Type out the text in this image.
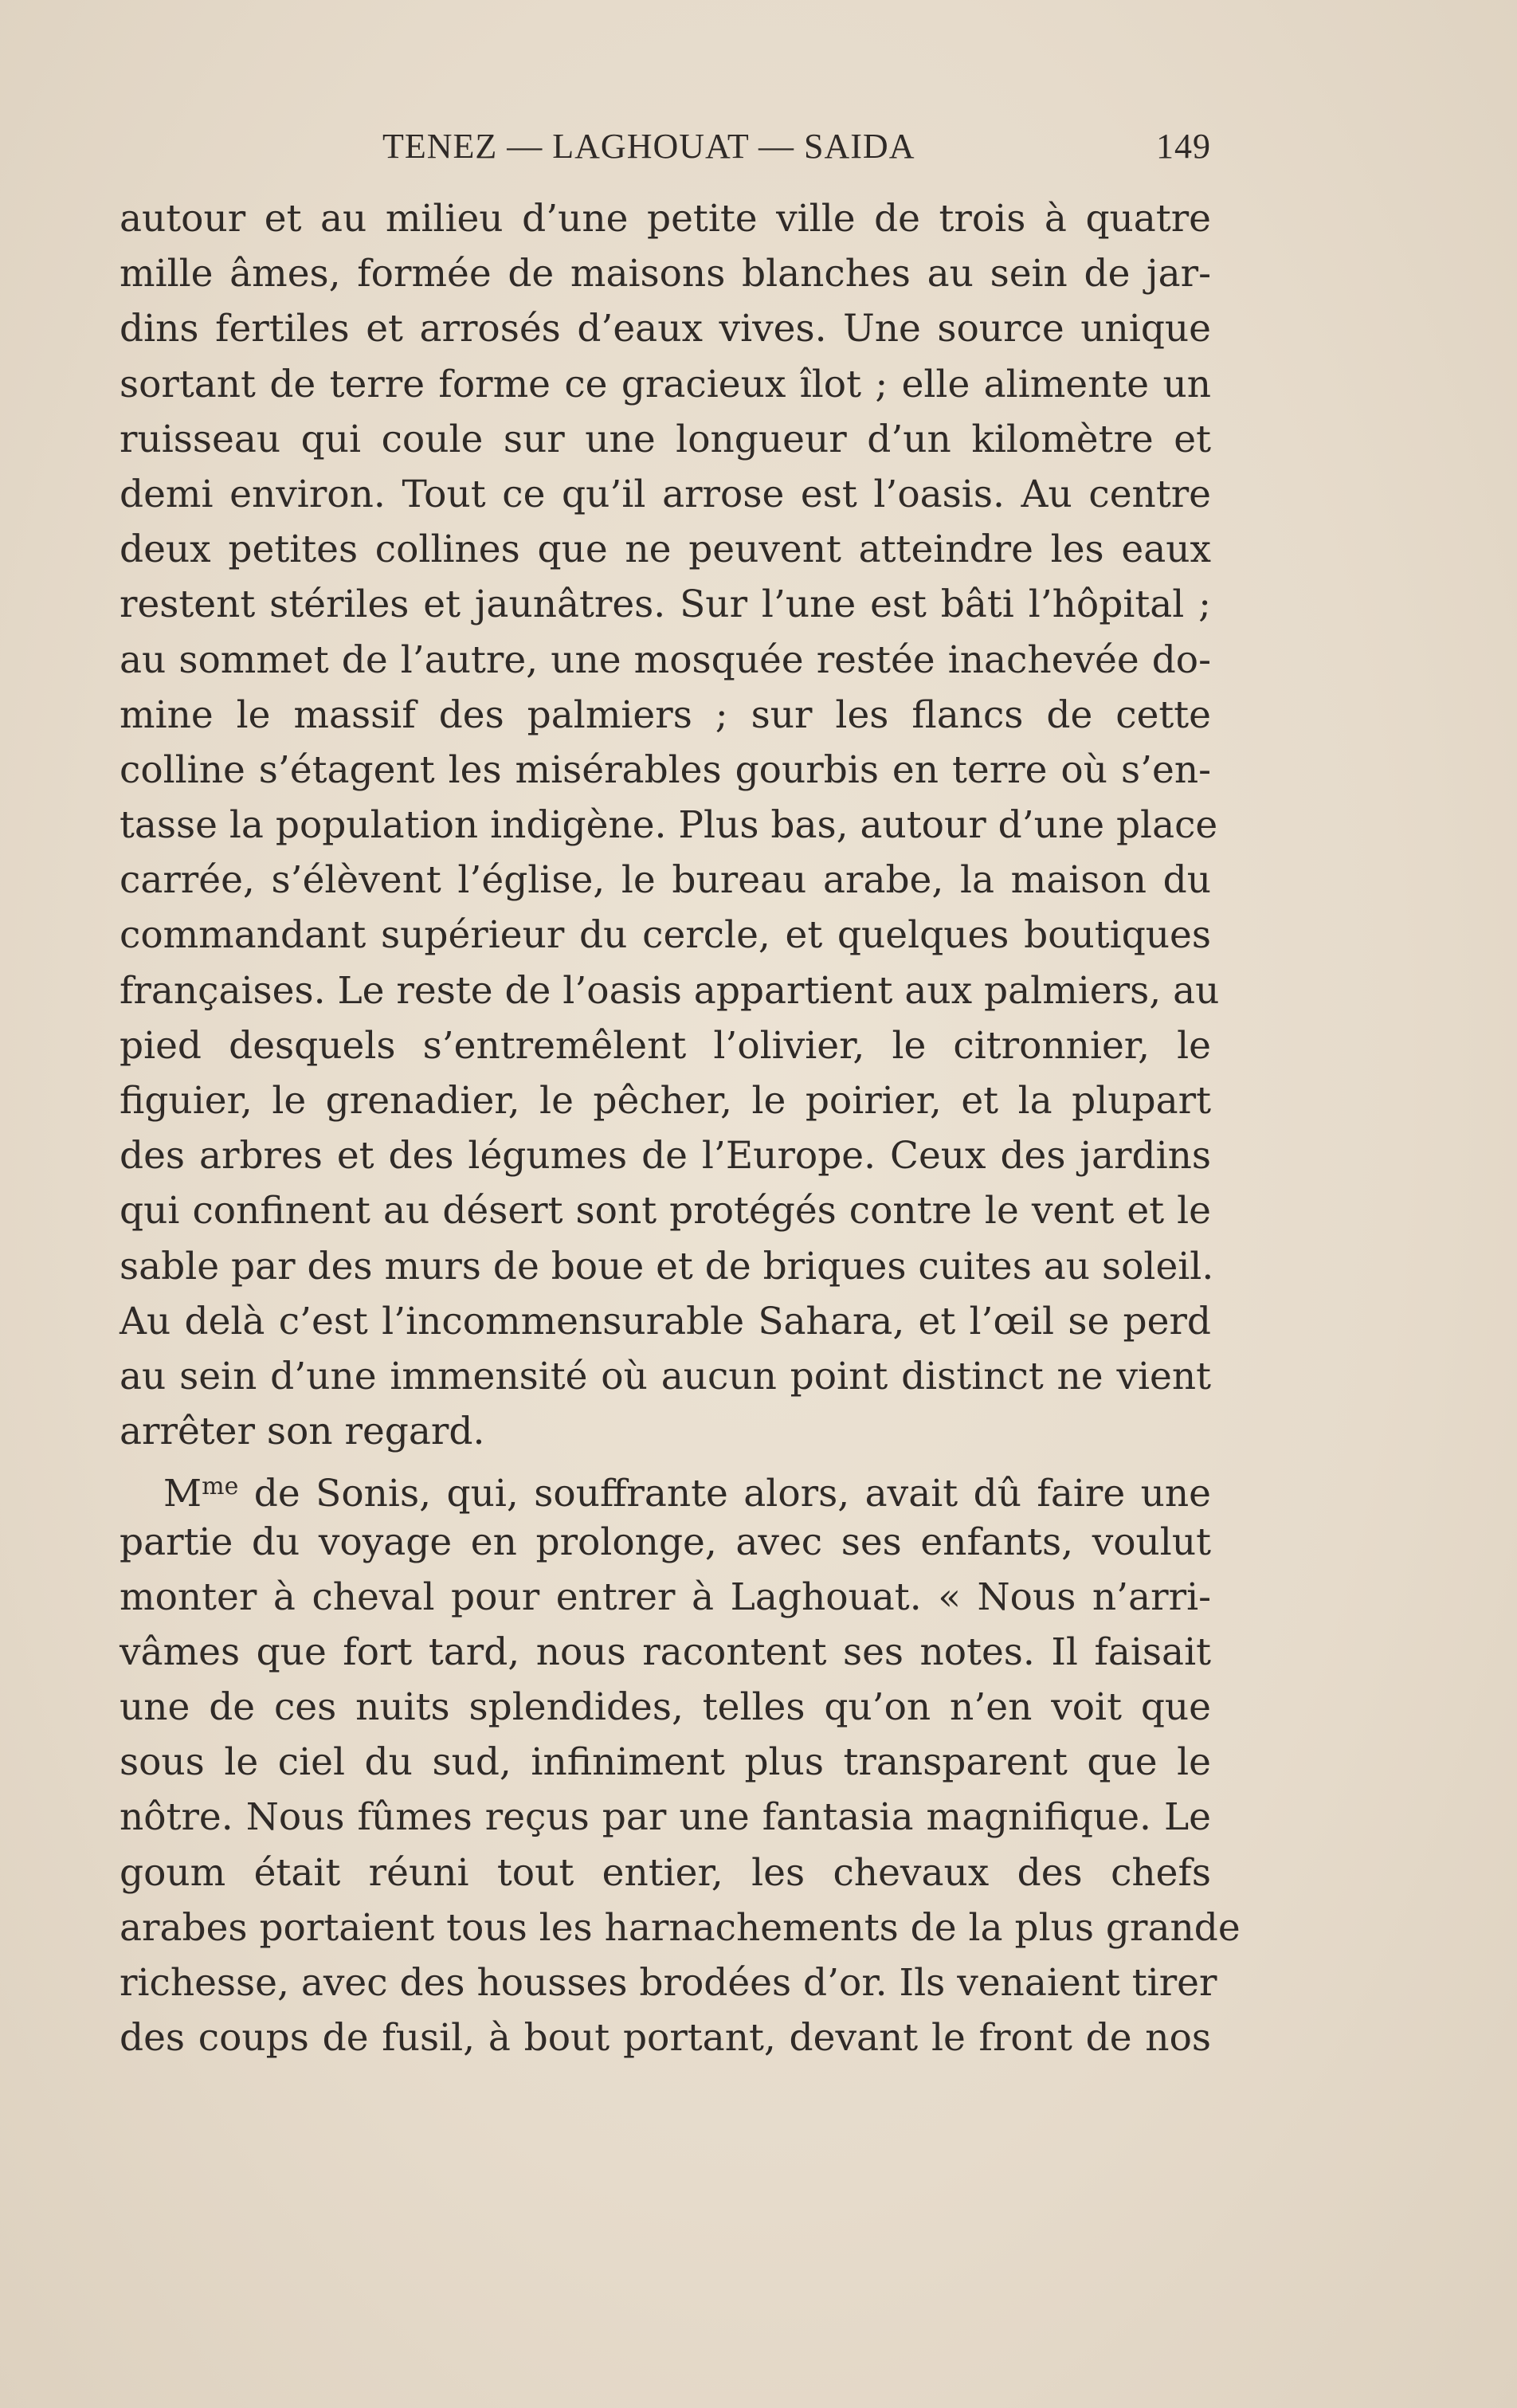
TENEZ — LAGHOUAT — SAIDA	149
autour et au milieu d’une petite ville de trois à quatre
mille âmes, formée de maisons blanches au sein de jar-
dins fertiles et arrosés d’eaux vives. Une source unique
sortant de terre forme ce gracieux îlot ; elle alimente un
ruisseau qui coule sur une longueur d’un kilomètre et
demi environ. Tout ce qu’il arrose est l’oasis. Au centre
deux petites collines que ne peuvent atteindre les eaux
restent stériles et jaunâtres. Sur l’une est bâti l’hôpital ;
au sommet de l’autre, une mosquée restée inachevée do-
mine le massif des palmiers ; sur les flancs de cette
colline s’étagent les misérables gourbis en terre où s’en-
tasse la population indigène. Plus bas, autour d’une place
carrée, s’élèvent l’église, le bureau arabe, la maison du
commandant supérieur du cercle, et quelques boutiques
françaises. Le reste de l’oasis appartient aux palmiers, au
pied desquels s’entremêlent l’olivier, le citronnier, le
figuier, le grenadier, le pêcher, le poirier, et la plupart
des arbres et des légumes de l’Europe. Ceux des jardins
qui confinent au désert sont protégés contre le vent et le
sable par des murs de boue et de briques cuites au soleil.
Au delà c’est l’incommensurable Sahara, et l’œil se perd
au sein d’une immensité où aucun point distinct ne vient
arrêter son regard.
$M^{me}$ de Sonis, qui, souffrante alors, avait dû faire une
partie du voyage en prolonge, avec ses enfants, voulut
monter à cheval pour entrer à Laghouat. « Nous n’arri-
vâmes que fort tard, nous racontent ses notes. Il faisait
une de ces nuits splendides, telles qu’on n’en voit que
sous le ciel du sud, infiniment plus transparent que le
nôtre. Nous fûmes reçus par une fantasia magnifique. Le
goum était réuni tout entier, les chevaux des chefs
arabes portaient tous les harnachements de la plus grande
richesse, avec des housses brodées d’or. Ils venaient tirer
des coups de fusil, à bout portant, devant le front de nos
